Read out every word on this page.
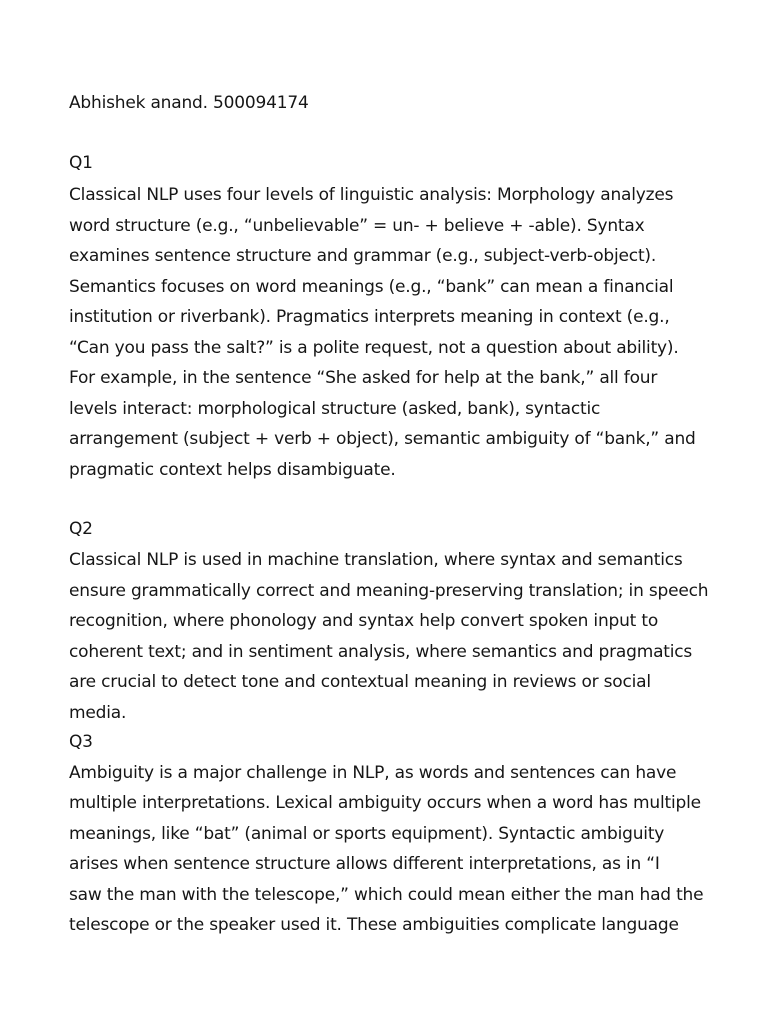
Abhishek anand. 500094174
Q1
Classical NLP uses four levels of linguistic analysis: Morphology analyzes
word structure (e.g., “unbelievable” = un- + believe + -able). Syntax
examines sentence structure and grammar (e.g., subject-verb-object).
Semantics focuses on word meanings (e.g., “bank” can mean a financial
institution or riverbank). Pragmatics interprets meaning in context (e.g.,
“Can you pass the salt?” is a polite request, not a question about ability).
For example, in the sentence “She asked for help at the bank,” all four
levels interact: morphological structure (asked, bank), syntactic
arrangement (subject + verb + object), semantic ambiguity of “bank,” and
pragmatic context helps disambiguate.
Q2
Classical NLP is used in machine translation, where syntax and semantics
ensure grammatically correct and meaning-preserving translation; in speech
recognition, where phonology and syntax help convert spoken input to
coherent text; and in sentiment analysis, where semantics and pragmatics
are crucial to detect tone and contextual meaning in reviews or social
media.
Q3
Ambiguity is a major challenge in NLP, as words and sentences can have
multiple interpretations. Lexical ambiguity occurs when a word has multiple
meanings, like “bat” (animal or sports equipment). Syntactic ambiguity
arises when sentence structure allows different interpretations, as in “I
saw the man with the telescope,” which could mean either the man had the
telescope or the speaker used it. These ambiguities complicate language
